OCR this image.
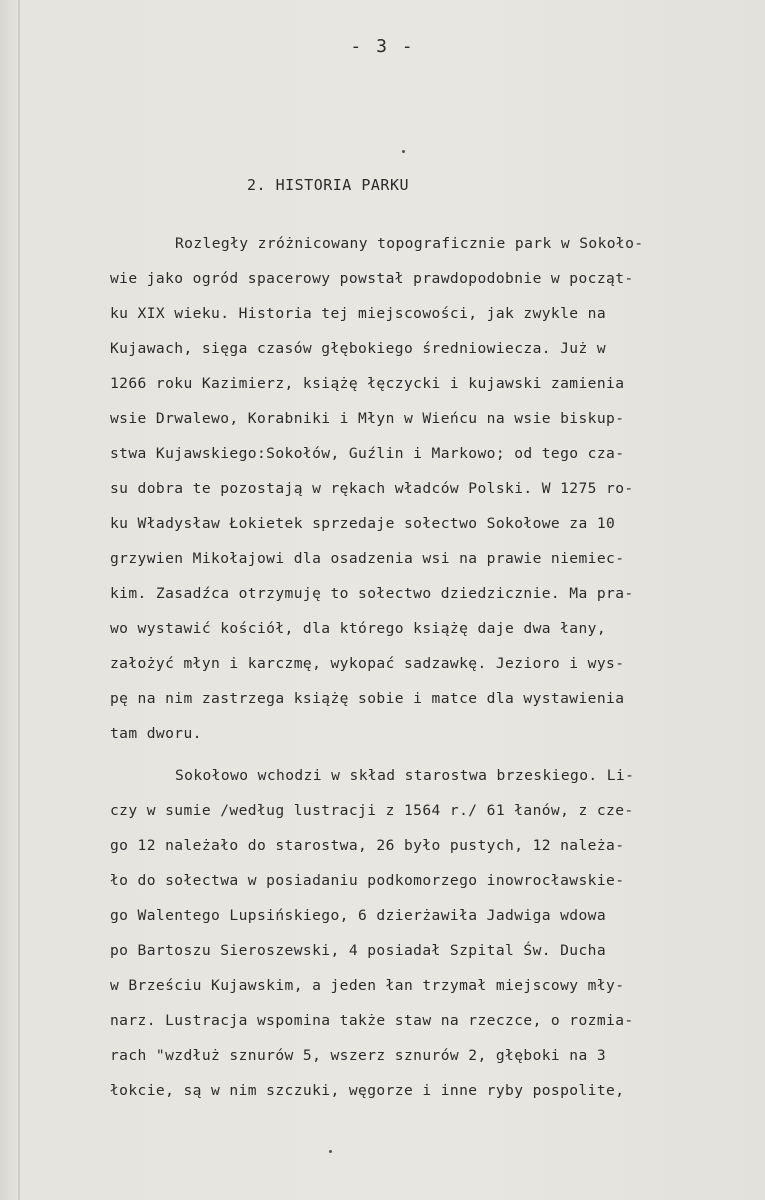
- 3 -
2. HISTORIA PARKU
Rozległy zróżnicowany topograficznie park w Sokoło-
wie jako ogród spacerowy powstał prawdopodobnie w począt-
ku XIX wieku. Historia tej miejscowości, jak zwykle na
Kujawach, sięga czasów głębokiego średniowiecza. Już w
1266 roku Kazimierz, książę łęczycki i kujawski zamienia
wsie Drwalewo, Korabniki i Młyn w Wieńcu na wsie biskup-
stwa Kujawskiego:Sokołów, Guźlin i Markowo; od tego cza-
su dobra te pozostają w rękach władców Polski. W 1275 ro-
ku Władysław Łokietek sprzedaje sołectwo Sokołowe za 10
grzywien Mikołajowi dla osadzenia wsi na prawie niemiec-
kim. Zasadźca otrzymuję to sołectwo dziedzicznie. Ma pra-
wo wystawić kościół, dla którego książę daje dwa łany,
założyć młyn i karczmę, wykopać sadzawkę. Jezioro i wys-
pę na nim zastrzega książę sobie i matce dla wystawienia
tam dworu.
Sokołowo wchodzi w skład starostwa brzeskiego. Li-
czy w sumie /według lustracji z 1564 r./ 61 łanów, z cze-
go 12 należało do starostwa, 26 było pustych, 12 należa-
ło do sołectwa w posiadaniu podkomorzego inowrocławskie-
go Walentego Lupsińskiego, 6 dzierżawiła Jadwiga wdowa
po Bartoszu Sieroszewski, 4 posiadał Szpital Św. Ducha
w Brześciu Kujawskim, a jeden łan trzymał miejscowy mły-
narz. Lustracja wspomina także staw na rzeczce, o rozmia-
rach "wzdłuż sznurów 5, wszerz sznurów 2, głęboki na 3
łokcie, są w nim szczuki, węgorze i inne ryby pospolite,
